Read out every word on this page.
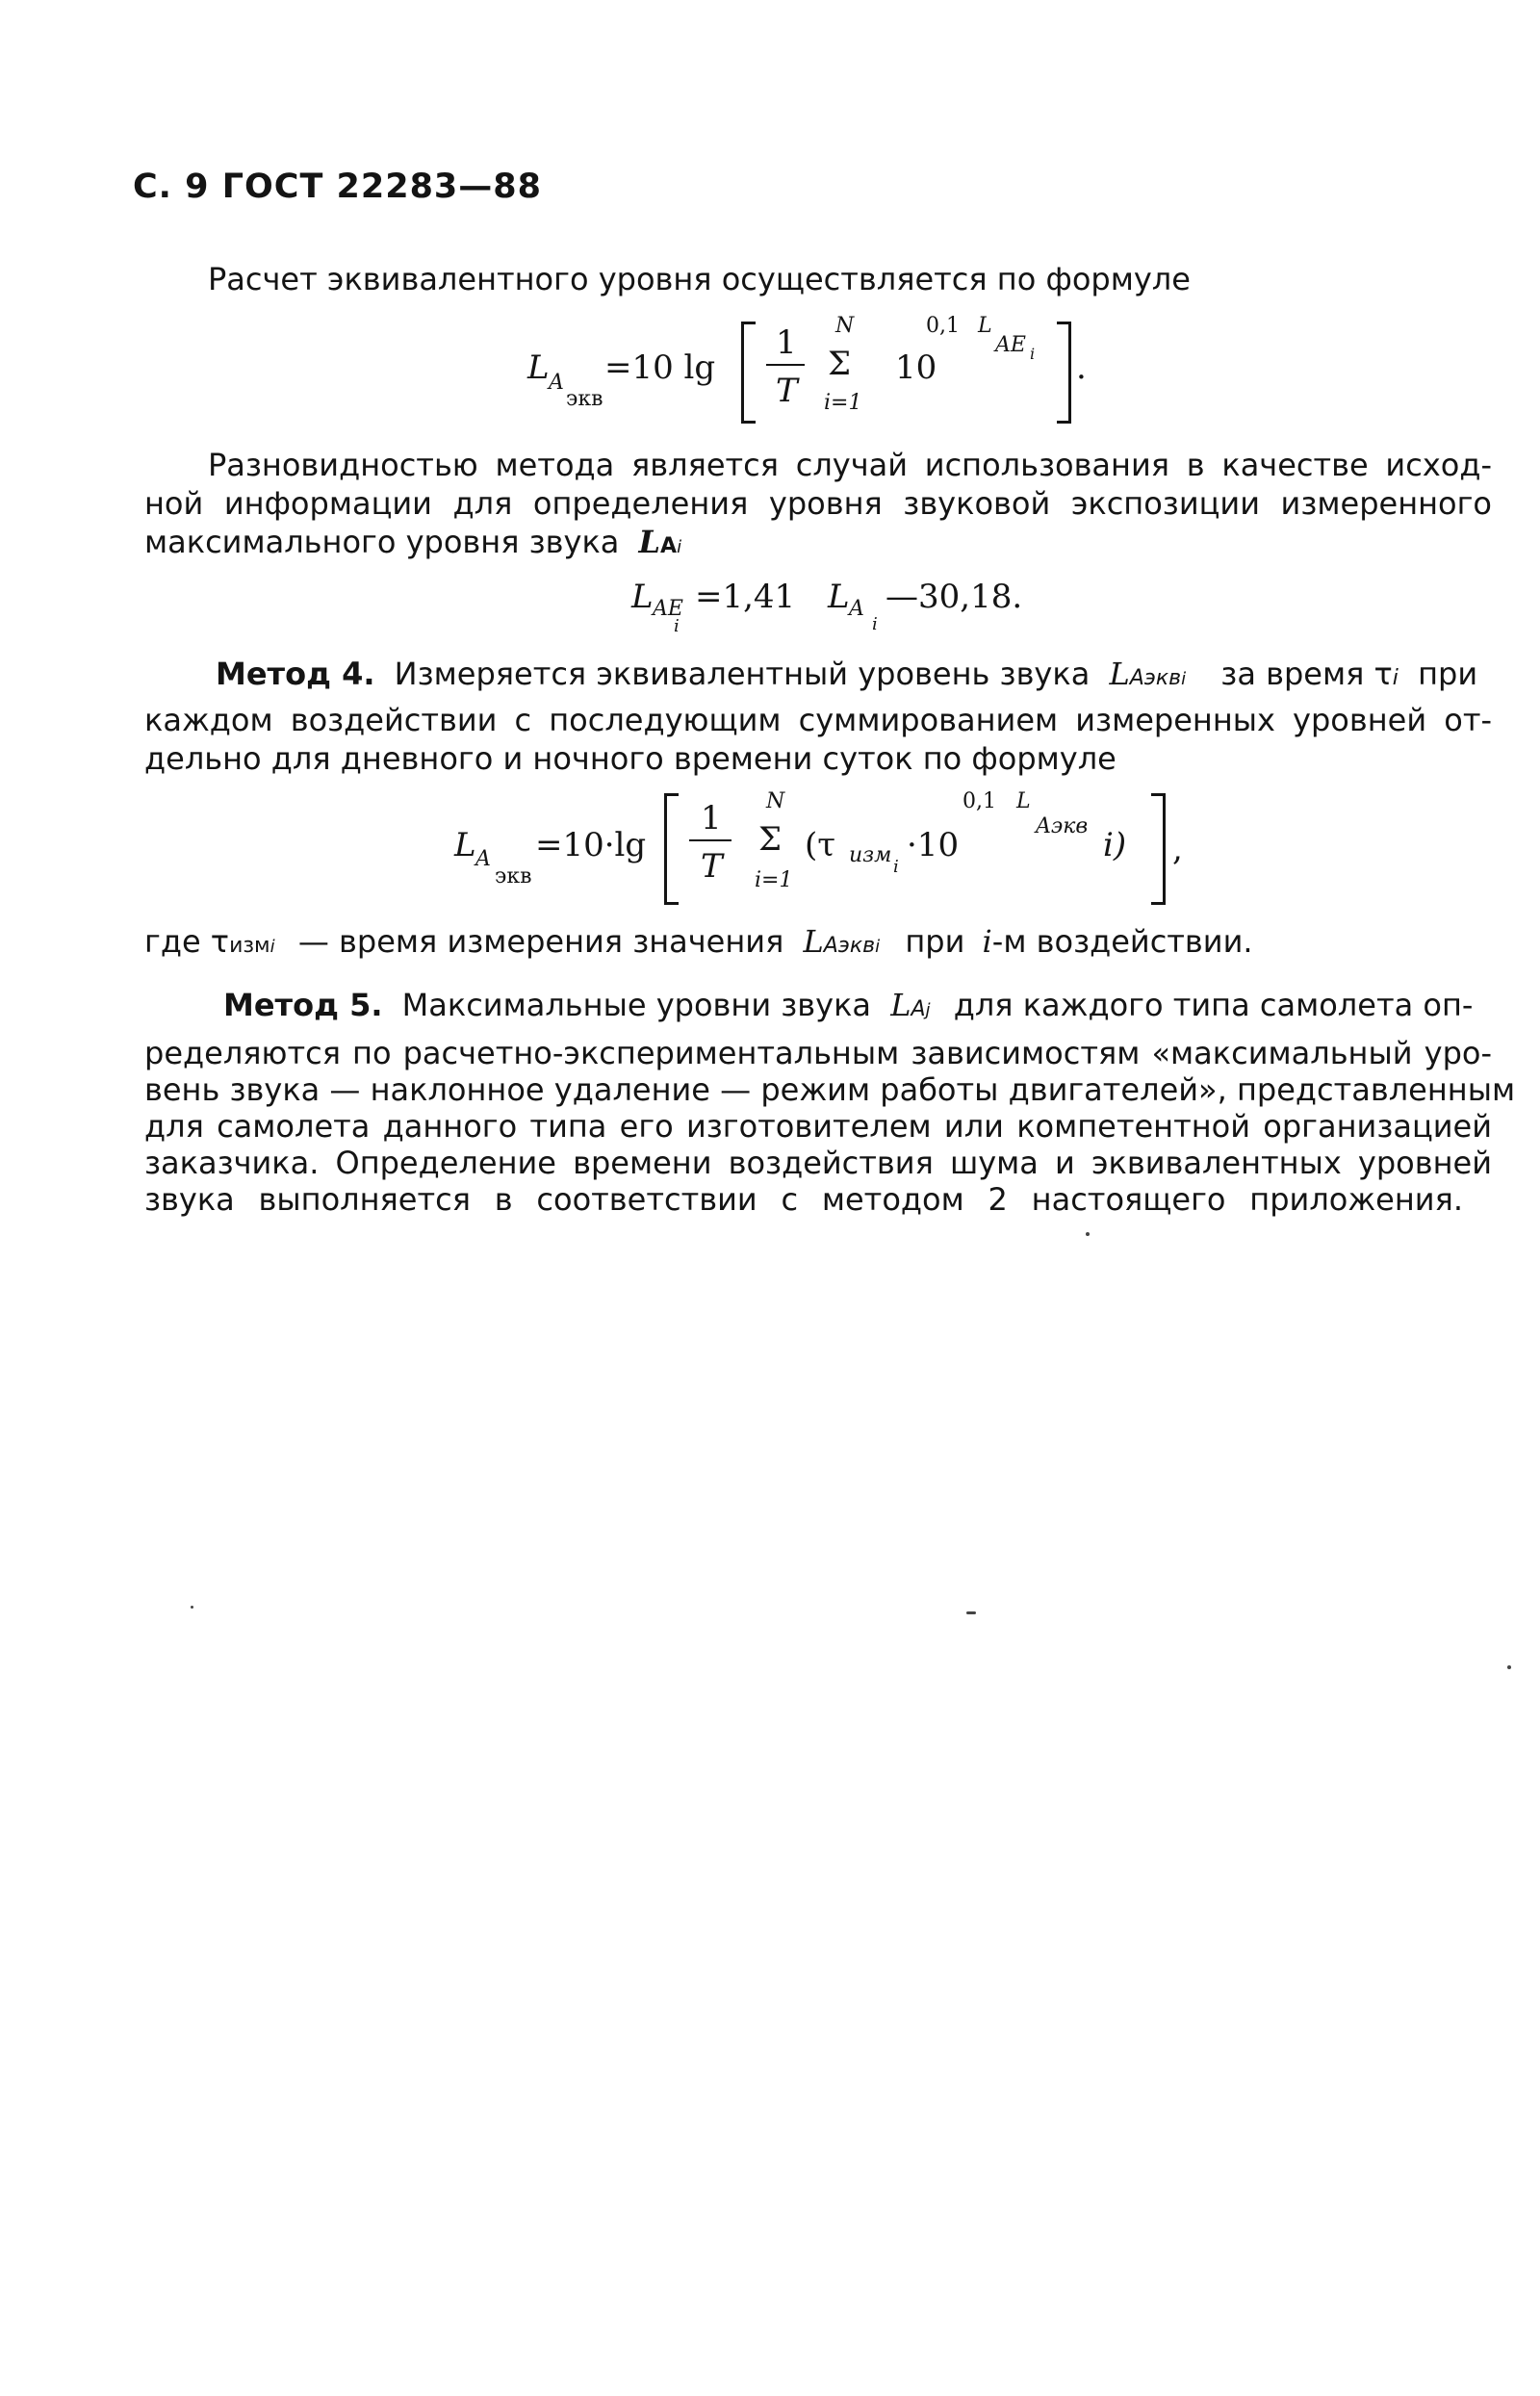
С. 9 ГОСТ 22283—88
Расчет эквивалентного уровня осуществляется по формуле
L A
экв
=10 lg
1
T
N
Σ
i=1
10
0,1 L
AE i .
Разновидностью метода является случай использования в качестве исход-
ной информации для определения уровня звуковой экспозиции измеренного
максимального уровня звука LAi
L AE
i
=1,41 L A
i
—30,18.
Метод 4. Измеряется эквивалентный уровень звука LAэквi за время τi при
каждом воздействии с последующим суммированием измеренных уровней от-
дельно для дневного и ночного времени суток по формуле
L A
экв
=10·lg
1
T
N
Σ
i=1
(τ изм i
·10
0,1 L
Aэкв i) ,
где τизмi — время измерения значения LAэквi при i-м воздействии.
Метод 5. Максимальные уровни звука LAj для каждого типа самолета оп-
ределяются по расчетно-экспериментальным зависимостям «максимальный уро-
вень звука — наклонное удаление — режим работы двигателей», представленным
для самолета данного типа его изготовителем или компетентной организацией
заказчика. Определение времени воздействия шума и эквивалентных уровней
звука выполняется в соответствии с методом 2 настоящего приложения.
